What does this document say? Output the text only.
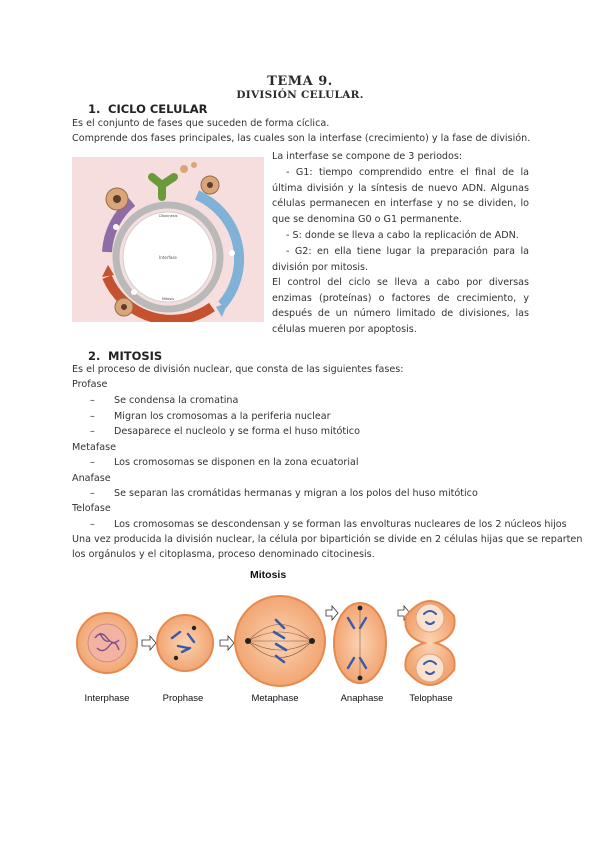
TEMA 9.
DIVISIÓN CELULAR.
1. CICLO CELULAR
Es el conjunto de fases que suceden de forma cíclica.
Comprende dos fases principales, las cuales son la interfase (crecimiento) y la fase de división.
Interfase
Citocinesis
Mitosis
La interfase se compone de 3 periodos:
- G1: tiempo comprendido entre el final de la última división y la síntesis de nuevo ADN. Algunas células permanecen en interfase y no se dividen, lo que se denomina G0 o G1 permanente.
- S: donde se lleva a cabo la replicación de ADN.
- G2: en ella tiene lugar la preparación para la división por mitosis.
El control del ciclo se lleva a cabo por diversas enzimas (proteínas) o factores de crecimiento, y después de un número limitado de divisiones, las células mueren por apoptosis.
2. MITOSIS
Es el proceso de división nuclear, que consta de las siguientes fases:
Profase
– Se condensa la cromatina
– Migran los cromosomas a la periferia nuclear
– Desaparece el nucleolo y se forma el huso mitótico
Metafase
– Los cromosomas se disponen en la zona ecuatorial
Anafase
– Se separan las cromátidas hermanas y migran a los polos del huso mitótico
Telofase
– Los cromosomas se descondensan y se forman las envolturas nucleares de los 2 núcleos hijos
Una vez producida la división nuclear, la célula por bipartición se divide en 2 células hijas que se reparten
los orgánulos y el citoplasma, proceso denominado citocinesis.
Mitosis
Interphase	Prophase	Metaphase	Anaphase	Telophase
